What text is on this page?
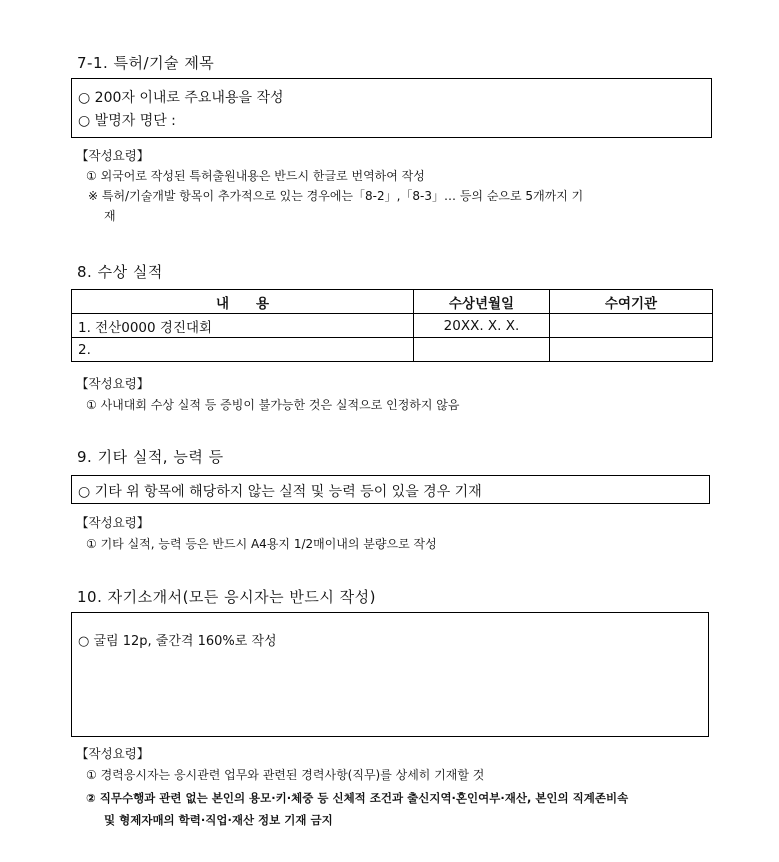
7-1. 특허/기술 제목
○ 200자 이내로 주요내용을 작성
○ 발명자 명단 :
【작성요령】
① 외국어로 작성된 특허출원내용은 반드시 한글로 번역하여 작성
※ 특허/기술개발 항목이 추가적으로 있는 경우에는「8-2」,「8-3」… 등의 순으로 5개까지 기
재
8. 수상 실적
내　　용	수상년월일	수여기관
1. 전산0000 경진대회	20XX. X. X.	
2.		
【작성요령】
① 사내대회 수상 실적 등 증빙이 불가능한 것은 실적으로 인정하지 않음
9. 기타 실적, 능력 등
○ 기타 위 항목에 해당하지 않는 실적 및 능력 등이 있을 경우 기재
【작성요령】
① 기타 실적, 능력 등은 반드시 A4용지 1/2매이내의 분량으로 작성
10. 자기소개서(모든 응시자는 반드시 작성)
○ 굴림 12p, 줄간격 160%로 작성
【작성요령】
① 경력응시자는 응시관련 업무와 관련된 경력사항(직무)를 상세히 기재할 것
② 직무수행과 관련 없는 본인의 용모·키·체중 등 신체적 조건과 출신지역·혼인여부·재산, 본인의 직계존비속
및 형제자매의 학력·직업·재산 정보 기재 금지
